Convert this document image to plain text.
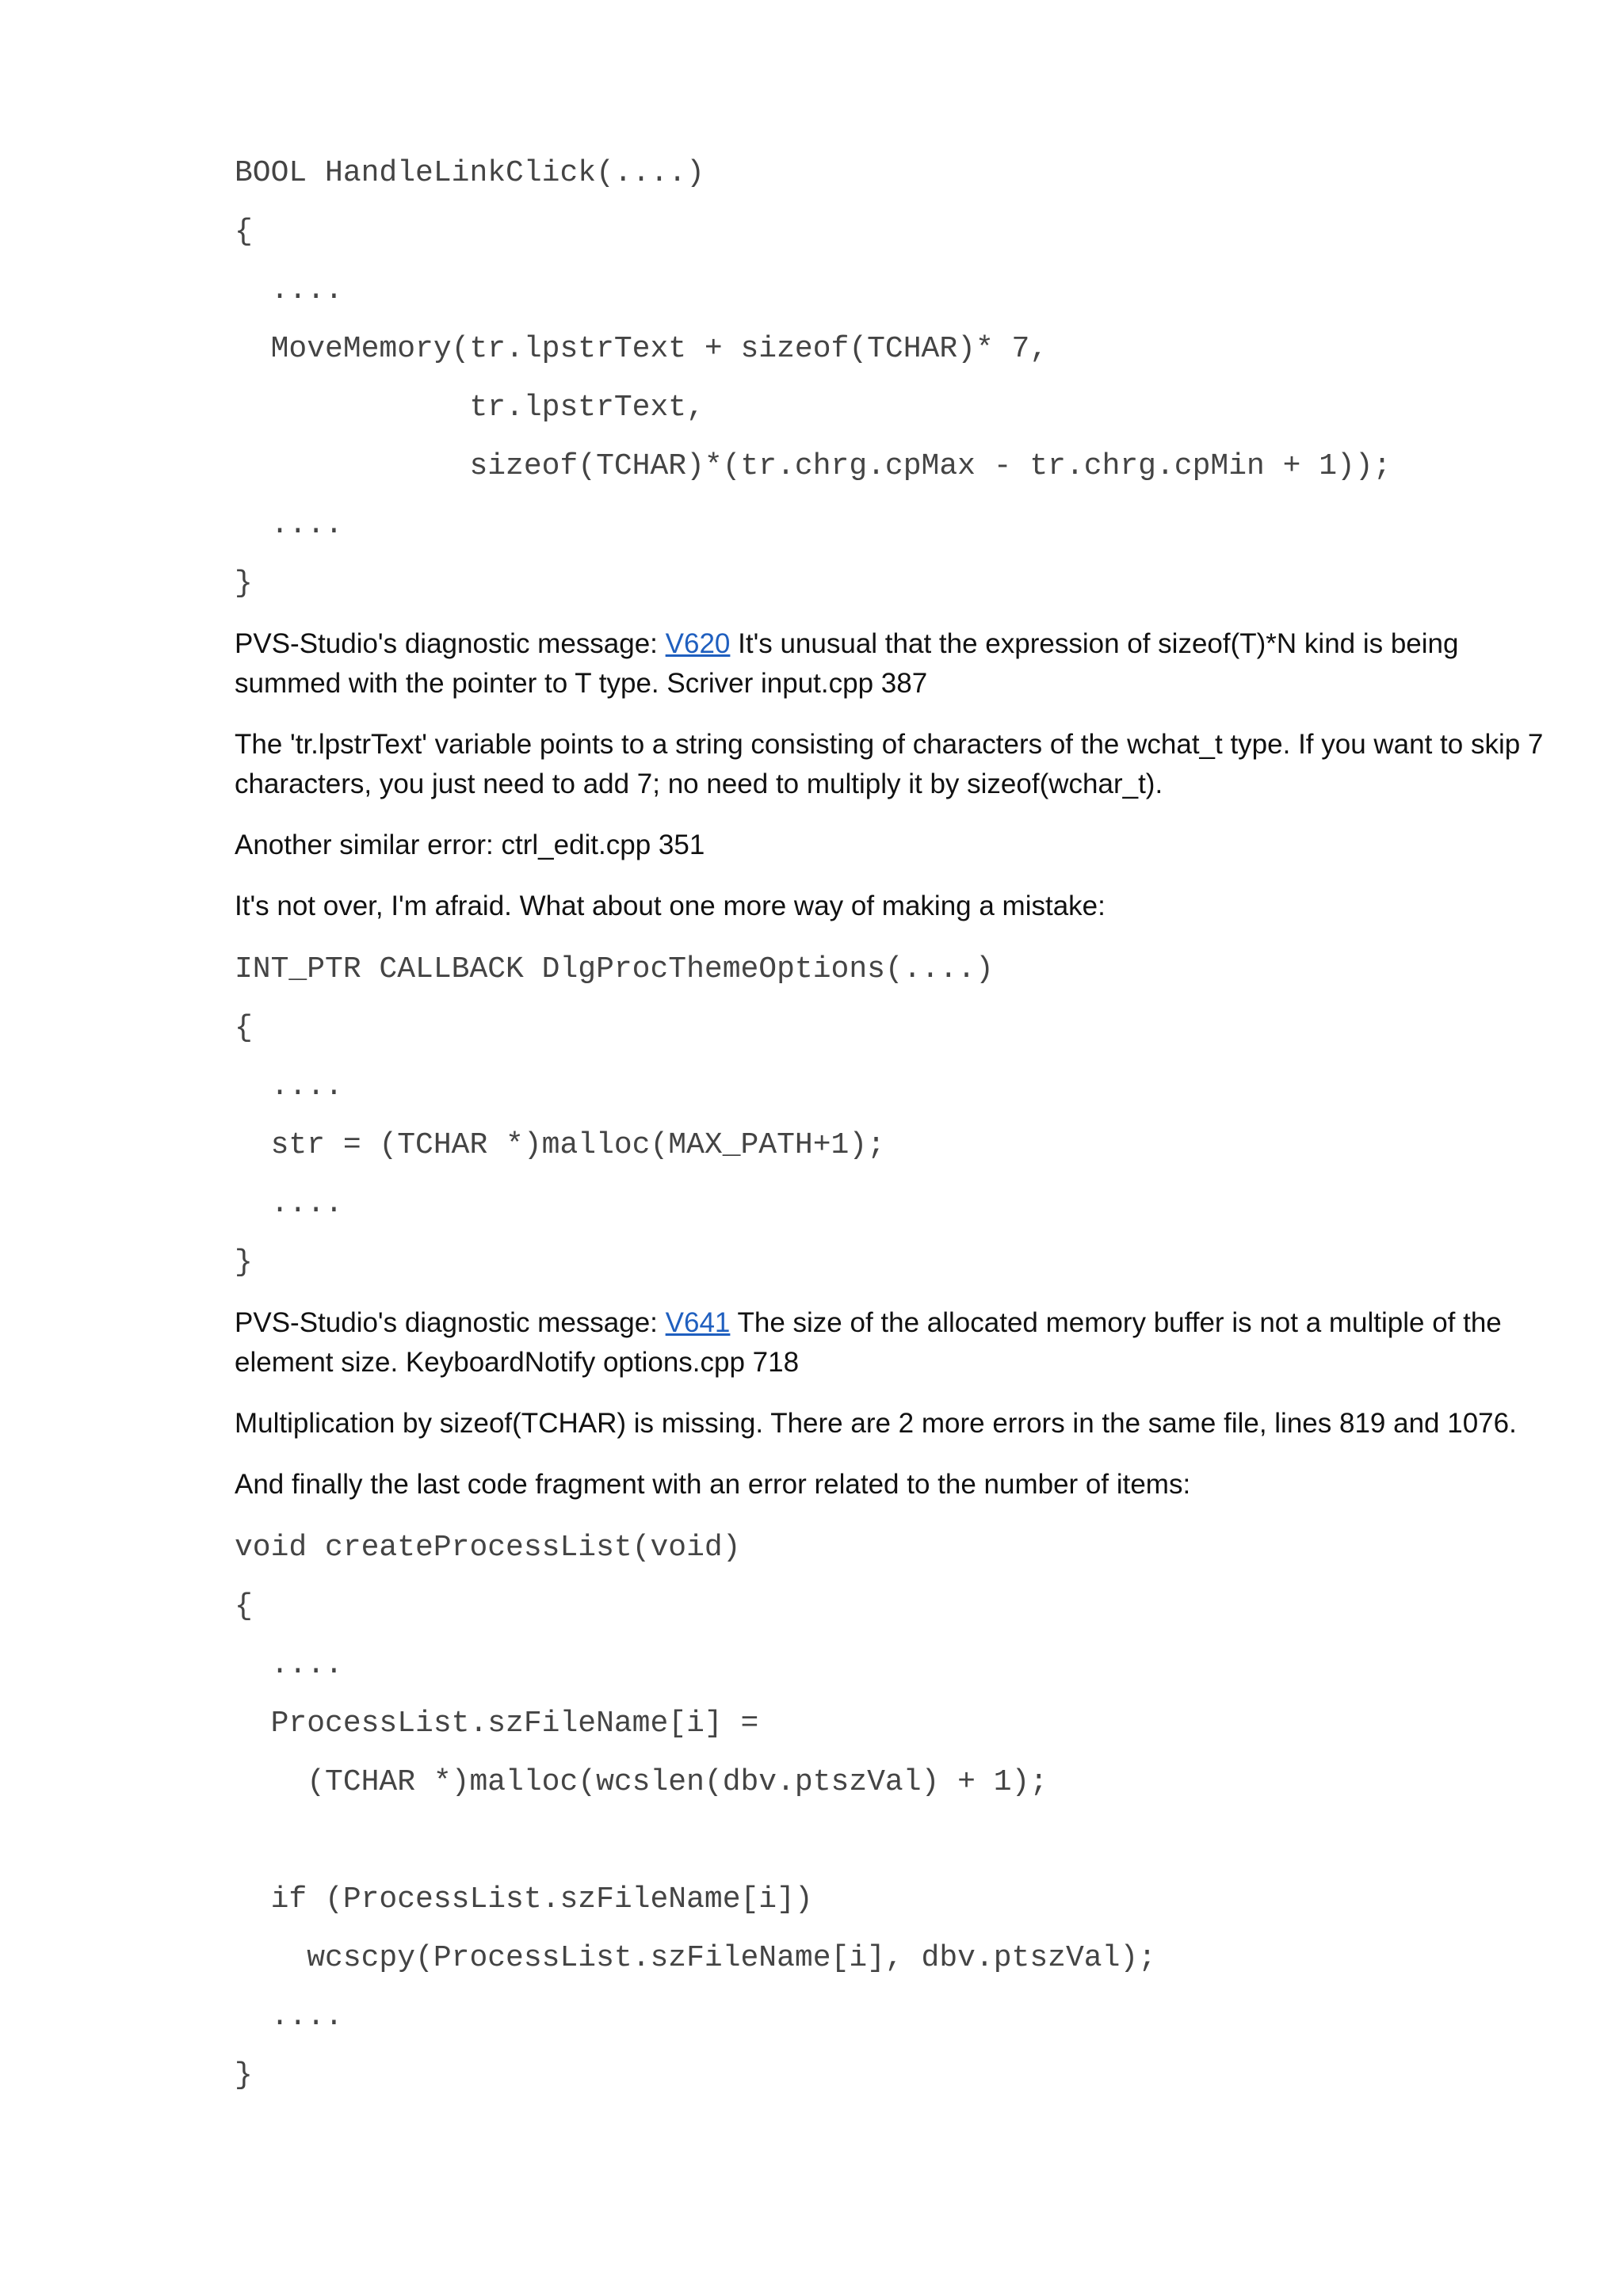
BOOL HandleLinkClick(....)
{
....
MoveMemory(tr.lpstrText + sizeof(TCHAR)* 7,
tr.lpstrText,
sizeof(TCHAR)*(tr.chrg.cpMax - tr.chrg.cpMin + 1));
....
}

PVS-Studio's diagnostic message: V620 It's unusual that the expression of sizeof(T)*N kind is being summed with the pointer to T type. Scriver input.cpp 387

The 'tr.lpstrText' variable points to a string consisting of characters of the wchat_t type. If you want to skip 7 characters, you just need to add 7; no need to multiply it by sizeof(wchar_t).

Another similar error: ctrl_edit.cpp 351

It's not over, I'm afraid. What about one more way of making a mistake:

INT_PTR CALLBACK DlgProcThemeOptions(....)
{
....
str = (TCHAR *)malloc(MAX_PATH+1);
....
}

PVS-Studio's diagnostic message: V641 The size of the allocated memory buffer is not a multiple of the element size. KeyboardNotify options.cpp 718

Multiplication by sizeof(TCHAR) is missing. There are 2 more errors in the same file, lines 819 and 1076.

And finally the last code fragment with an error related to the number of items:

void createProcessList(void)
{
....
ProcessList.szFileName[i] =
(TCHAR *)malloc(wcslen(dbv.ptszVal) + 1);
if (ProcessList.szFileName[i])
wcscpy(ProcessList.szFileName[i], dbv.ptszVal);
....
}
